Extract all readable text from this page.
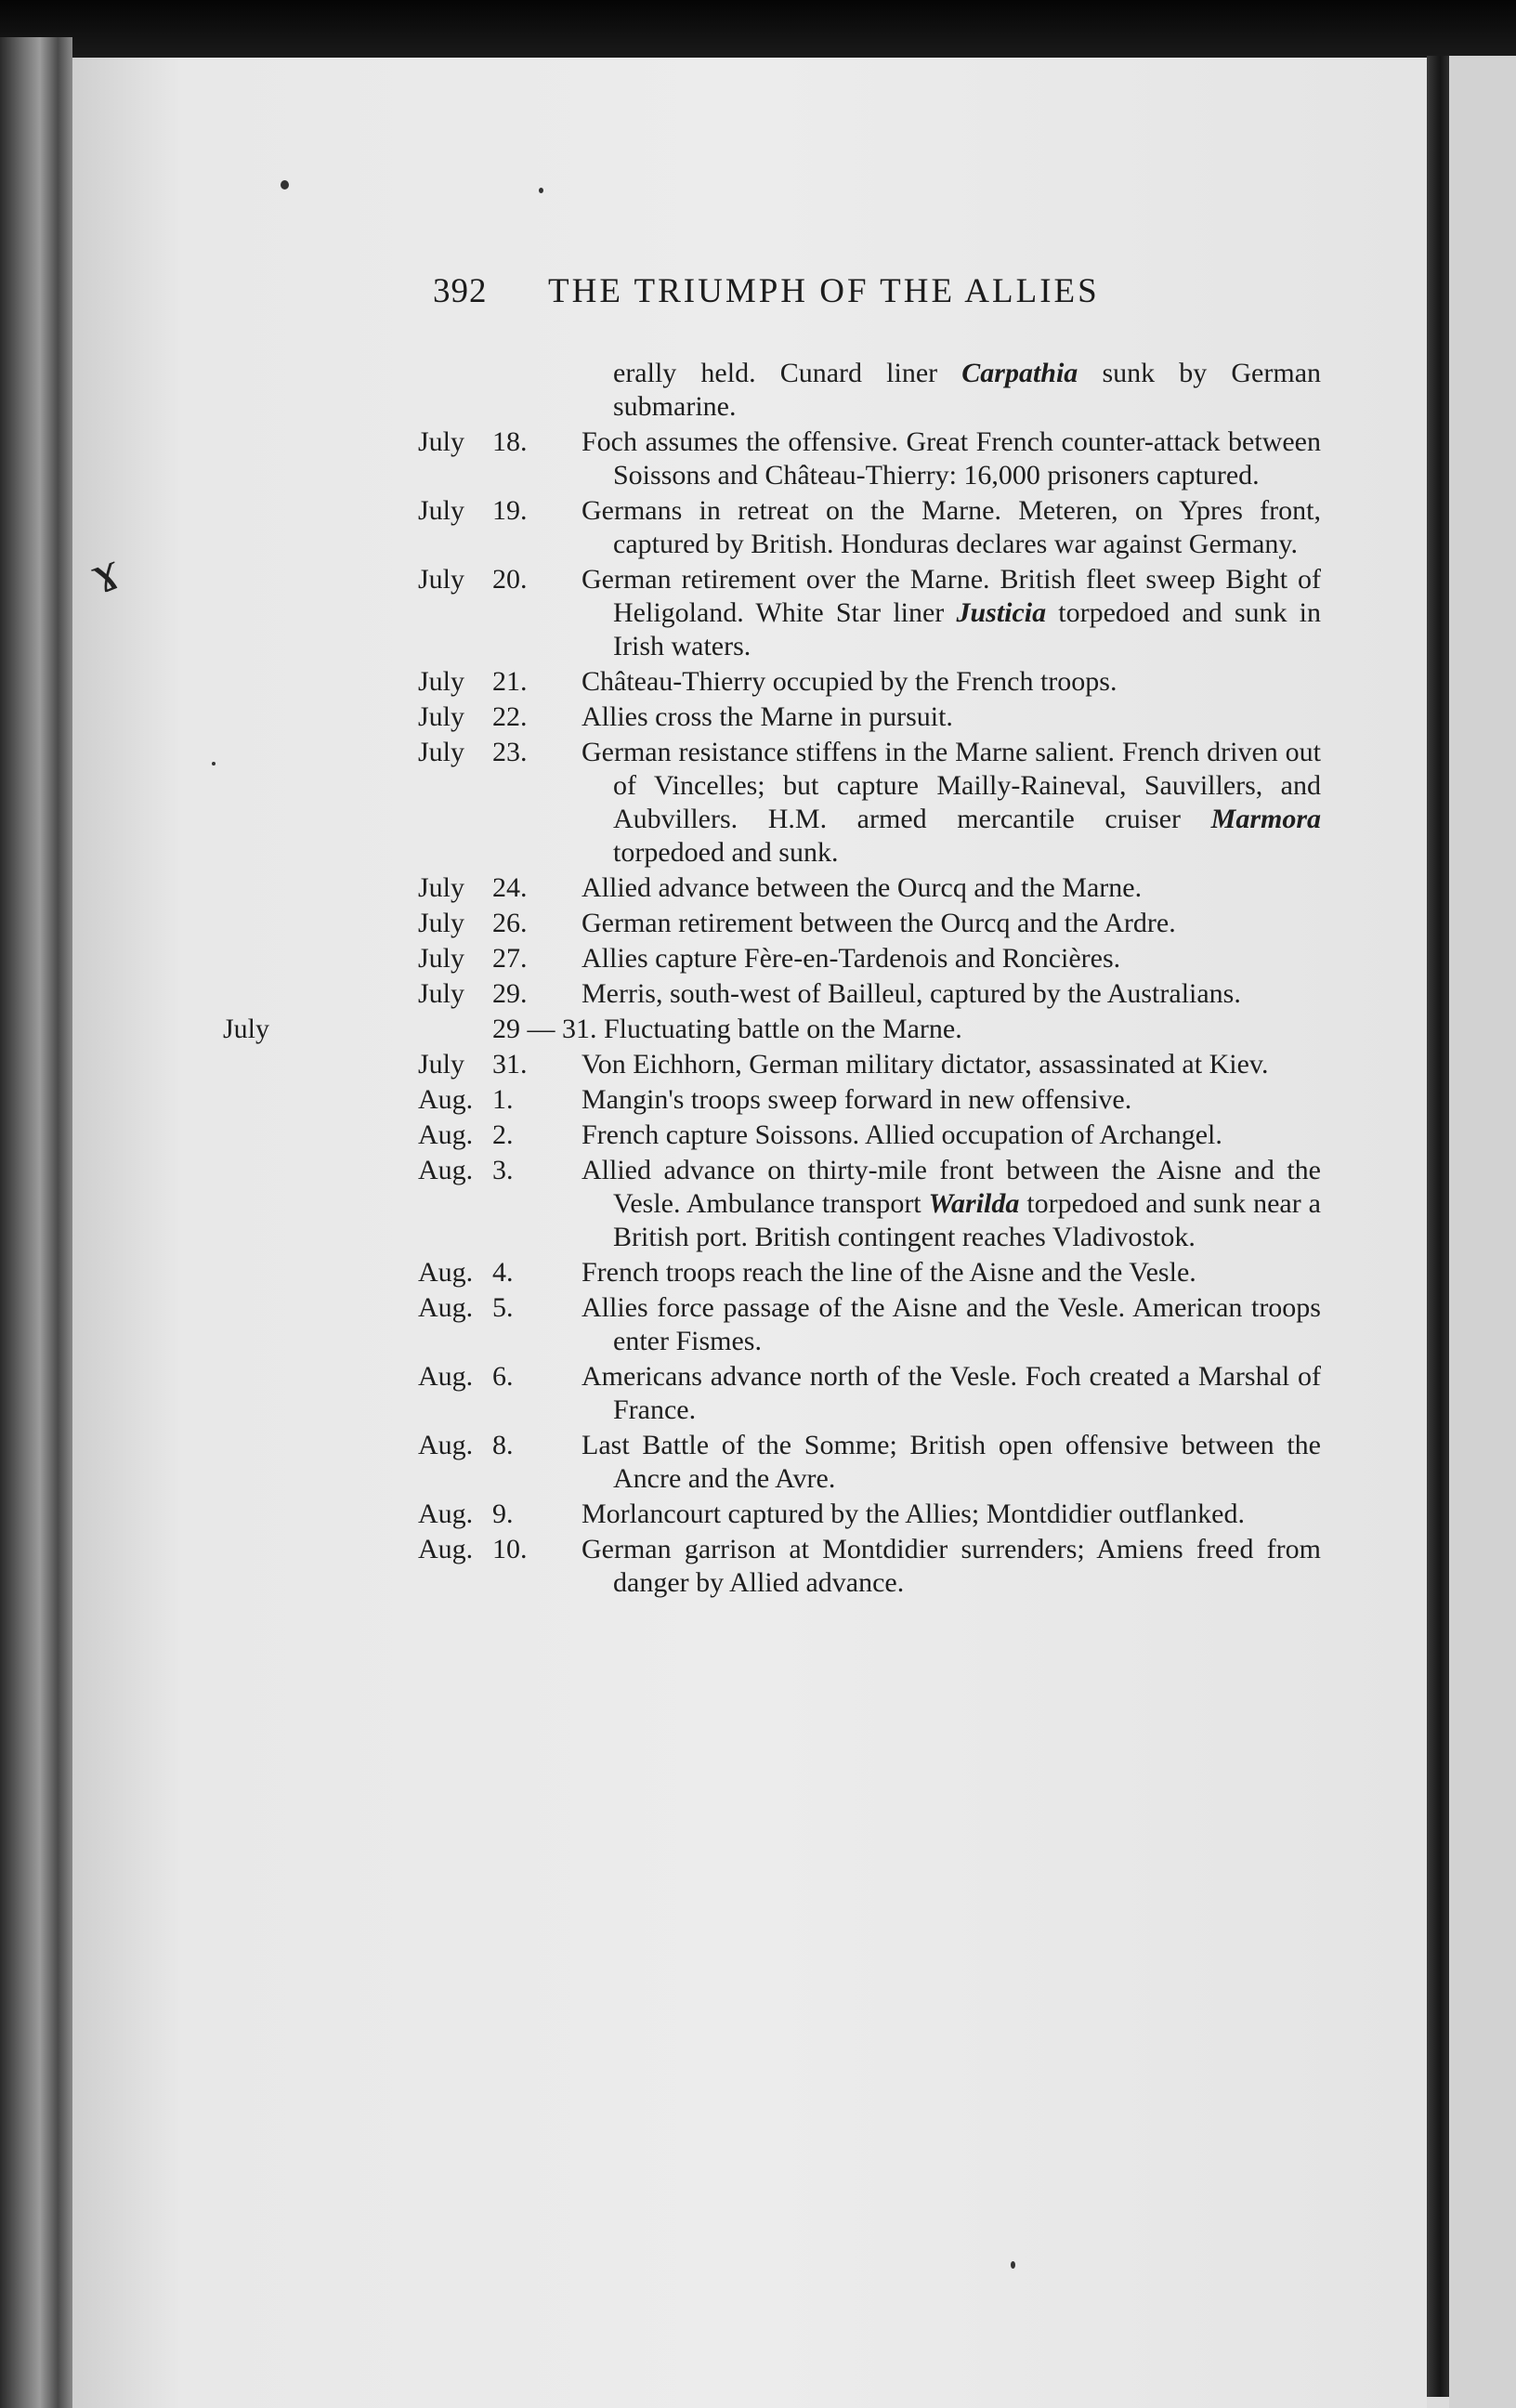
ɤ
392 THE TRIUMPH OF THE ALLIES
erally held. Cunard liner Carpathia sunk by German submarine.
July 18.	Foch assumes the offensive. Great French counter-attack between Soissons and Château-Thierry: 16,000 prisoners captured.
July 19.	Germans in retreat on the Marne. Meteren, on Ypres front, captured by British. Honduras declares war against Germany.
July 20.	German retirement over the Marne. British fleet sweep Bight of Heligoland. White Star liner Justicia torpedoed and sunk in Irish waters.
July 21.	Château-Thierry occupied by the French troops.
July 22.	Allies cross the Marne in pursuit.
July 23.	German resistance stiffens in the Marne salient. French driven out of Vincelles; but capture Mailly-Raineval, Sauvillers, and Aubvillers. H.M. armed mercantile cruiser Marmora torpedoed and sunk.
July 24.	Allied advance between the Ourcq and the Marne.
July 26.	German retirement between the Ourcq and the Ardre.
July 27.	Allies capture Fère-en-Tardenois and Roncières.
July 29.	Merris, south-west of Bailleul, captured by the Australians.
July	29 — 31. Fluctuating battle on the Marne.
July 31.	Von Eichhorn, German military dictator, assassinated at Kiev.
Aug. 1.	Mangin's troops sweep forward in new offensive.
Aug. 2.	French capture Soissons. Allied occupation of Archangel.
Aug. 3.	Allied advance on thirty-mile front between the Aisne and the Vesle. Ambulance transport Warilda torpedoed and sunk near a British port. British contingent reaches Vladivostok.
Aug. 4.	French troops reach the line of the Aisne and the Vesle.
Aug. 5.	Allies force passage of the Aisne and the Vesle. American troops enter Fismes.
Aug. 6.	Americans advance north of the Vesle. Foch created a Marshal of France.
Aug. 8.	Last Battle of the Somme; British open offensive between the Ancre and the Avre.
Aug. 9.	Morlancourt captured by the Allies; Montdidier outflanked.
Aug. 10.	German garrison at Montdidier surrenders; Amiens freed from danger by Allied advance.
